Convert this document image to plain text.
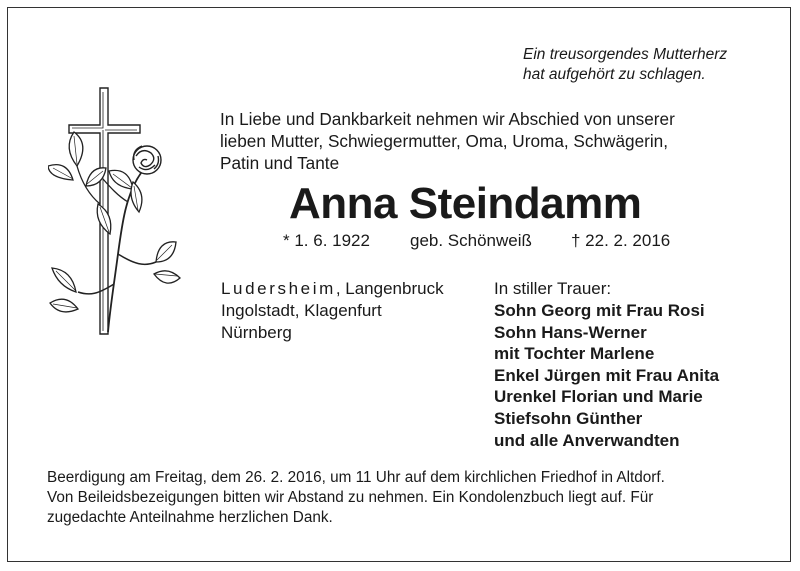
Ein treusorgendes Mutterherz
hat aufgehört zu schlagen.

In Liebe und Dankbarkeit nehmen wir Abschied von unserer
lieben Mutter, Schwiegermutter, Oma, Uroma, Schwägerin,
Patin und Tante

Anna Steindamm
* 1. 6. 1922 geb. Schönweiß † 22. 2. 2016

Ludersheim, Langenbruck
Ingolstadt, Klagenfurt
Nürnberg

In stiller Trauer:
Sohn Georg mit Frau Rosi
Sohn Hans-Werner
mit Tochter Marlene
Enkel Jürgen mit Frau Anita
Urenkel Florian und Marie
Stiefsohn Günther
und alle Anverwandten

Beerdigung am Freitag, dem 26. 2. 2016, um 11 Uhr auf dem kirchlichen Friedhof in Altdorf.
Von Beileidsbezeigungen bitten wir Abstand zu nehmen. Ein Kondolenzbuch liegt auf. Für
zugedachte Anteilnahme herzlichen Dank.
